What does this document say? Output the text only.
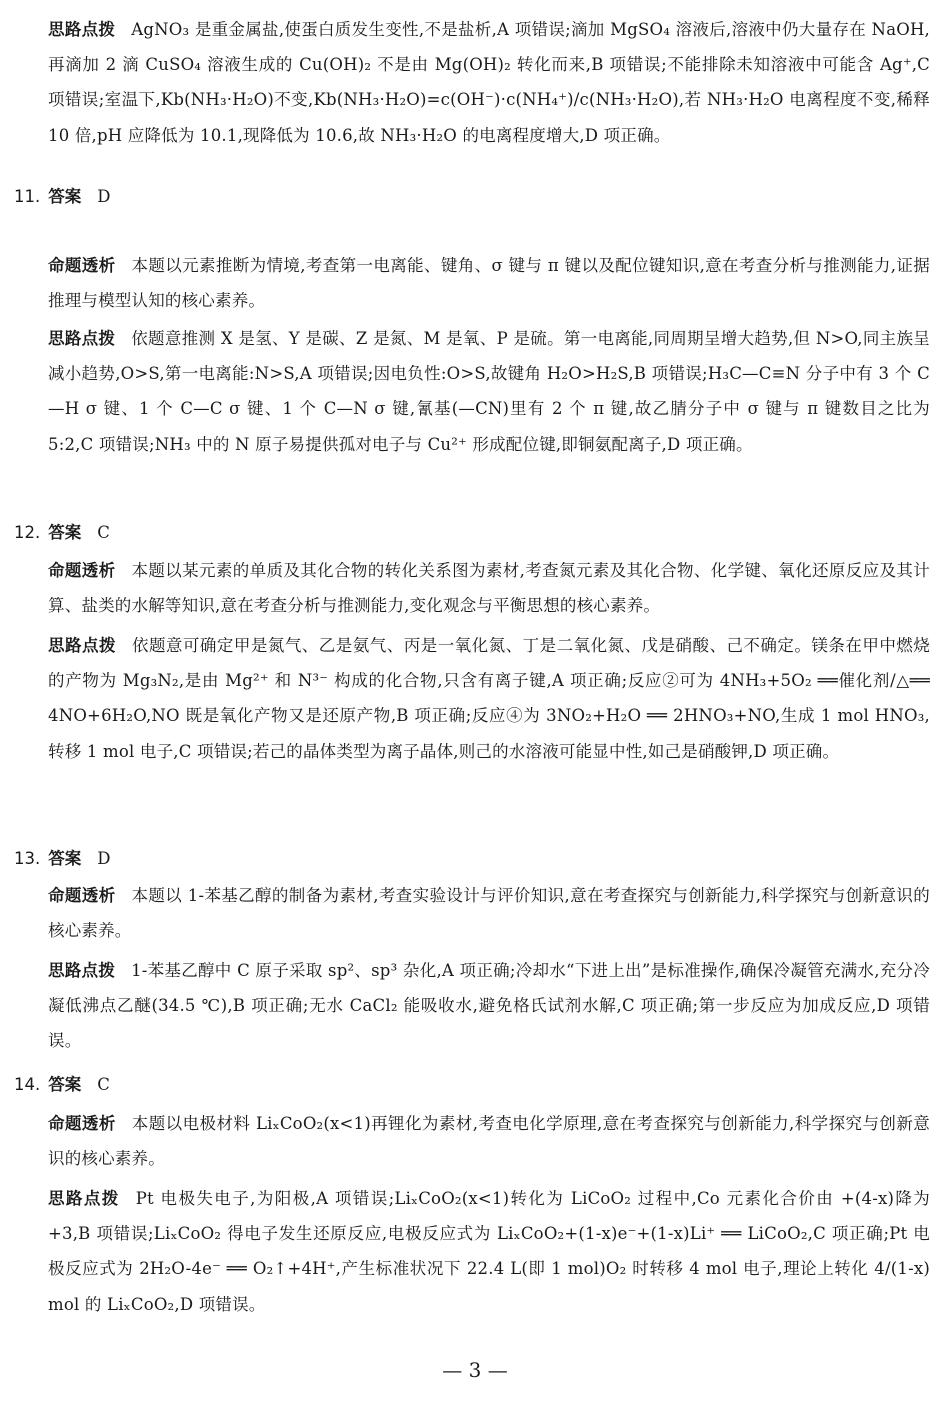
思路点拨 AgNO₃ 是重金属盐,使蛋白质发生变性,不是盐析,A 项错误;滴加 MgSO₄ 溶液后,溶液中仍大量存在 NaOH,再滴加 2 滴 CuSO₄ 溶液生成的 Cu(OH)₂ 不是由 Mg(OH)₂ 转化而来,B 项错误;不能排除未知溶液中可能含 Ag⁺,C 项错误;室温下,Kb(NH₃·H₂O)不变,Kb(NH₃·H₂O)=c(OH⁻)·c(NH₄⁺)/c(NH₃·H₂O),若 NH₃·H₂O 电离程度不变,稀释 10 倍,pH 应降低为 10.1,现降低为 10.6,故 NH₃·H₂O 的电离程度增大,D 项正确。
11. 答案 D
命题透析 本题以元素推断为情境,考查第一电离能、键角、σ 键与 π 键以及配位键知识,意在考查分析与推测能力,证据推理与模型认知的核心素养。
思路点拨 依题意推测 X 是氢、Y 是碳、Z 是氮、M 是氧、P 是硫。第一电离能,同周期呈增大趋势,但 N>O,同主族呈减小趋势,O>S,第一电离能:N>S,A 项错误;因电负性:O>S,故键角 H₂O>H₂S,B 项错误;H₃C—C≡N 分子中有 3 个 C—H σ 键、1 个 C—C σ 键、1 个 C—N σ 键,氰基(—CN)里有 2 个 π 键,故乙腈分子中 σ 键与 π 键数目之比为 5:2,C 项错误;NH₃ 中的 N 原子易提供孤对电子与 Cu²⁺ 形成配位键,即铜氨配离子,D 项正确。
12. 答案 C
命题透析 本题以某元素的单质及其化合物的转化关系图为素材,考查氮元素及其化合物、化学键、氧化还原反应及其计算、盐类的水解等知识,意在考查分析与推测能力,变化观念与平衡思想的核心素养。
思路点拨 依题意可确定甲是氮气、乙是氨气、丙是一氧化氮、丁是二氧化氮、戊是硝酸、己不确定。镁条在甲中燃烧的产物为 Mg₃N₂,是由 Mg²⁺ 和 N³⁻ 构成的化合物,只含有离子键,A 项正确;反应②可为 4NH₃+5O₂ ══催化剂/△══ 4NO+6H₂O,NO 既是氧化产物又是还原产物,B 项正确;反应④为 3NO₂+H₂O ══ 2HNO₃+NO,生成 1 mol HNO₃,转移 1 mol 电子,C 项错误;若己的晶体类型为离子晶体,则己的水溶液可能显中性,如己是硝酸钾,D 项正确。
13. 答案 D
命题透析 本题以 1-苯基乙醇的制备为素材,考查实验设计与评价知识,意在考查探究与创新能力,科学探究与创新意识的核心素养。
思路点拨 1-苯基乙醇中 C 原子采取 sp²、sp³ 杂化,A 项正确;冷却水“下进上出”是标准操作,确保冷凝管充满水,充分冷凝低沸点乙醚(34.5 ℃),B 项正确;无水 CaCl₂ 能吸收水,避免格氏试剂水解,C 项正确;第一步反应为加成反应,D 项错误。
14. 答案 C
命题透析 本题以电极材料 LiₓCoO₂(x<1)再锂化为素材,考查电化学原理,意在考查探究与创新能力,科学探究与创新意识的核心素养。
思路点拨 Pt 电极失电子,为阳极,A 项错误;LiₓCoO₂(x<1)转化为 LiCoO₂ 过程中,Co 元素化合价由 +(4-x)降为 +3,B 项错误;LiₓCoO₂ 得电子发生还原反应,电极反应式为 LiₓCoO₂+(1-x)e⁻+(1-x)Li⁺ ══ LiCoO₂,C 项正确;Pt 电极反应式为 2H₂O-4e⁻ ══ O₂↑+4H⁺,产生标准状况下 22.4 L(即 1 mol)O₂ 时转移 4 mol 电子,理论上转化 4/(1-x) mol 的 LiₓCoO₂,D 项错误。
— 3 —
